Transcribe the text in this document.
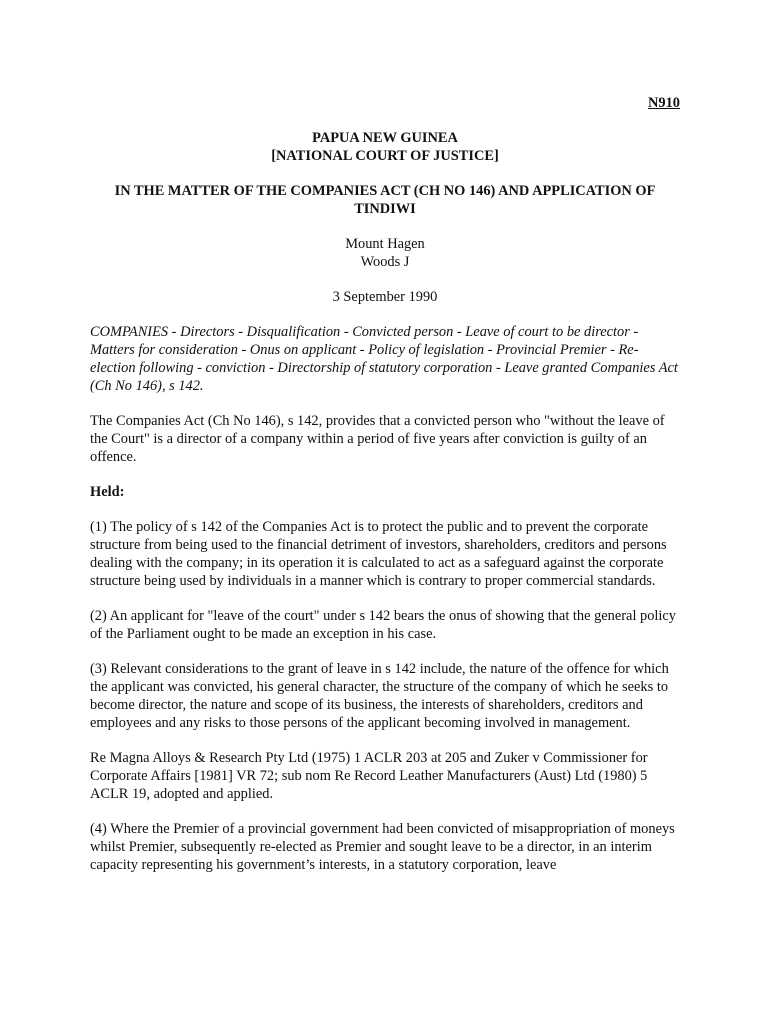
N910
PAPUA NEW GUINEA
[NATIONAL COURT OF JUSTICE]
IN THE MATTER OF THE COMPANIES ACT (CH NO 146) AND APPLICATION OF TINDIWI
Mount Hagen
Woods J
3 September 1990
COMPANIES - Directors - Disqualification - Convicted person - Leave of court to be director - Matters for consideration - Onus on applicant - Policy of legislation - Provincial Premier - Re-election following - conviction - Directorship of statutory corporation - Leave granted Companies Act (Ch No 146), s 142.

The Companies Act (Ch No 146), s 142, provides that a convicted person who "without the leave of the Court" is a director of a company within a period of five years after conviction is guilty of an offence.

Held:

(1) The policy of s 142 of the Companies Act is to protect the public and to prevent the corporate structure from being used to the financial detriment of investors, shareholders, creditors and persons dealing with the company; in its operation it is calculated to act as a safeguard against the corporate structure being used by individuals in a manner which is contrary to proper commercial standards.

(2) An applicant for "leave of the court" under s 142 bears the onus of showing that the general policy of the Parliament ought to be made an exception in his case.

(3) Relevant considerations to the grant of leave in s 142 include, the nature of the offence for which the applicant was convicted, his general character, the structure of the company of which he seeks to become director, the nature and scope of its business, the interests of shareholders, creditors and employees and any risks to those persons of the applicant becoming involved in management.

Re Magna Alloys & Research Pty Ltd (1975) 1 ACLR 203 at 205 and Zuker v Commissioner for Corporate Affairs [1981] VR 72; sub nom Re Record Leather Manufacturers (Aust) Ltd (1980) 5 ACLR 19, adopted and applied.

(4) Where the Premier of a provincial government had been convicted of misappropriation of moneys whilst Premier, subsequently re-elected as Premier and sought leave to be a director, in an interim capacity representing his government’s interests, in a statutory corporation, leave
